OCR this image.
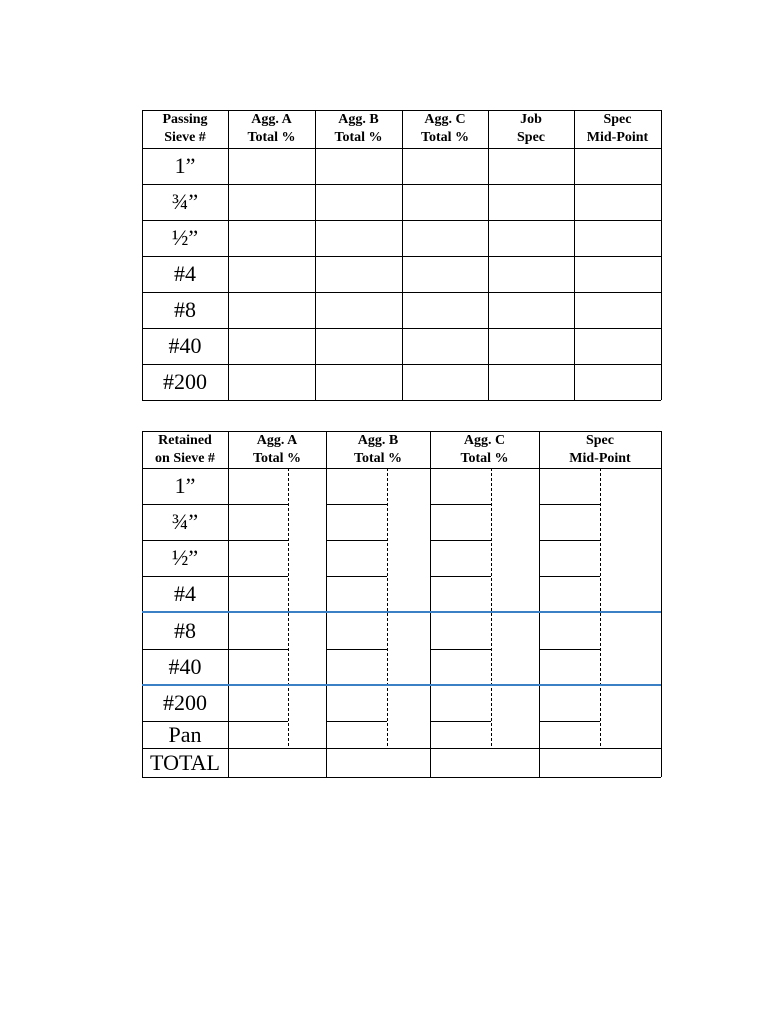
Passing
Sieve #
Agg. A
Total %
Agg. B
Total %
Agg. C
Total %
Job
Spec
Spec
Mid-Point
1”
¾”
½”
#4
#8
#40
#200
Retained
on Sieve #
Agg. A
Total %
Agg. B
Total %
Agg. C
Total %
Spec
Mid-Point
1”
¾”
½”
#4
#8
#40
#200
Pan
TOTAL
